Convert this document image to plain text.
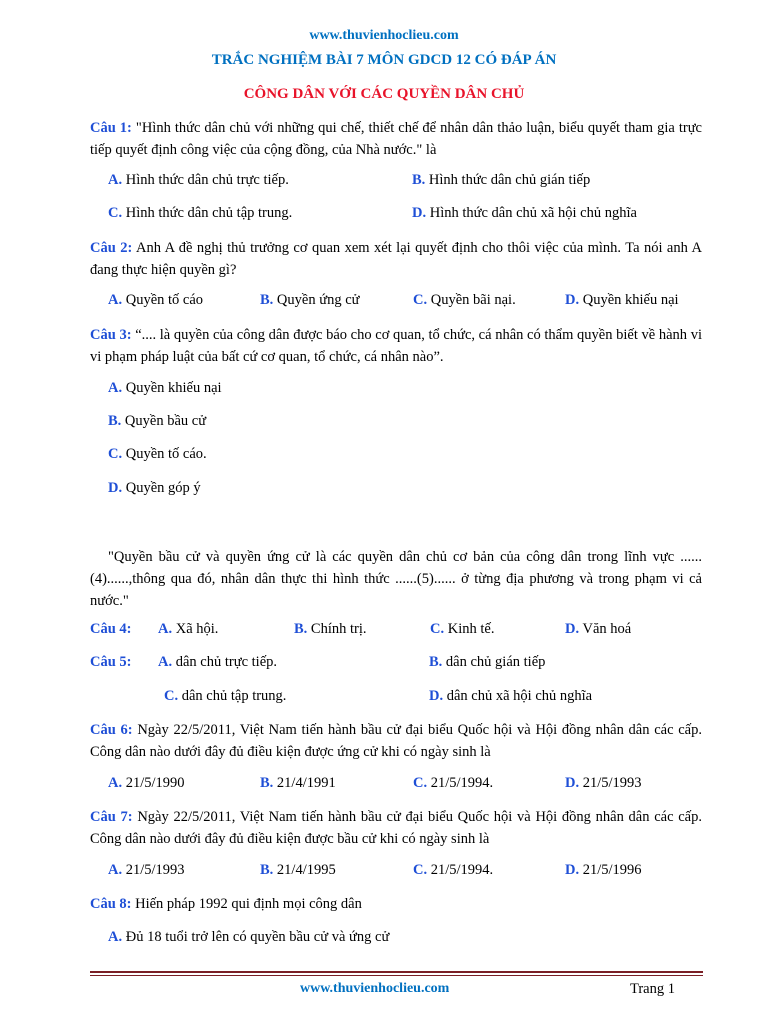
www.thuvienhoclieu.com
TRẮC NGHIỆM BÀI 7 MÔN GDCD 12 CÓ ĐÁP ÁN
CÔNG DÂN VỚI CÁC QUYỀN DÂN CHỦ
Câu 1: "Hình thức dân chủ với những qui chế, thiết chế để nhân dân thảo luận, biểu quyết tham gia trực tiếp quyết định công việc của cộng đồng, của Nhà nước." là
A. Hình thức dân chủ trực tiếp.	B. Hình thức dân chủ gián tiếp
C. Hình thức dân chủ tập trung.	D. Hình thức dân chủ xã hội chủ nghĩa
Câu 2: Anh A đề nghị thủ trưởng cơ quan xem xét lại quyết định cho thôi việc của mình. Ta nói anh A đang thực hiện quyền gì?
A. Quyền tố cáo	B. Quyền ứng cử	C. Quyền bãi nại.	D. Quyền khiếu nại
Câu 3: “.... là quyền của công dân được báo cho cơ quan, tổ chức, cá nhân có thẩm quyền biết về hành vi vi phạm pháp luật của bất cứ cơ quan, tổ chức, cá nhân nào”.
A. Quyền khiếu nại
B. Quyền bầu cử
C. Quyền tố cáo.
D. Quyền góp ý
"Quyền bầu cử và quyền ứng cử là các quyền dân chủ cơ bản của công dân trong lĩnh vực ...... (4)......,thông qua đó, nhân dân thực thi hình thức ......(5)...... ở từng địa phương và trong phạm vi cả nước."
Câu 4: A. Xã hội.	B. Chính trị.	C. Kinh tế.	D. Văn hoá
Câu 5: A. dân chủ trực tiếp.	B. dân chủ gián tiếp
C. dân chủ tập trung.	D. dân chủ xã hội chủ nghĩa
Câu 6: Ngày 22/5/2011, Việt Nam tiến hành bầu cử đại biểu Quốc hội và Hội đồng nhân dân các cấp. Công dân nào dưới đây đủ điều kiện được ứng cử khi có ngày sinh là
A. 21/5/1990	B. 21/4/1991	C. 21/5/1994.	D. 21/5/1993
Câu 7: Ngày 22/5/2011, Việt Nam tiến hành bầu cử đại biểu Quốc hội và Hội đồng nhân dân các cấp. Công dân nào dưới đây đủ điều kiện được bầu cử khi có ngày sinh là
A. 21/5/1993	B. 21/4/1995	C. 21/5/1994.	D. 21/5/1996
Câu 8: Hiến pháp 1992 qui định mọi công dân
A. Đủ 18 tuổi trở lên có quyền bầu cử và ứng cử
www.thuvienhoclieu.com	Trang 1
